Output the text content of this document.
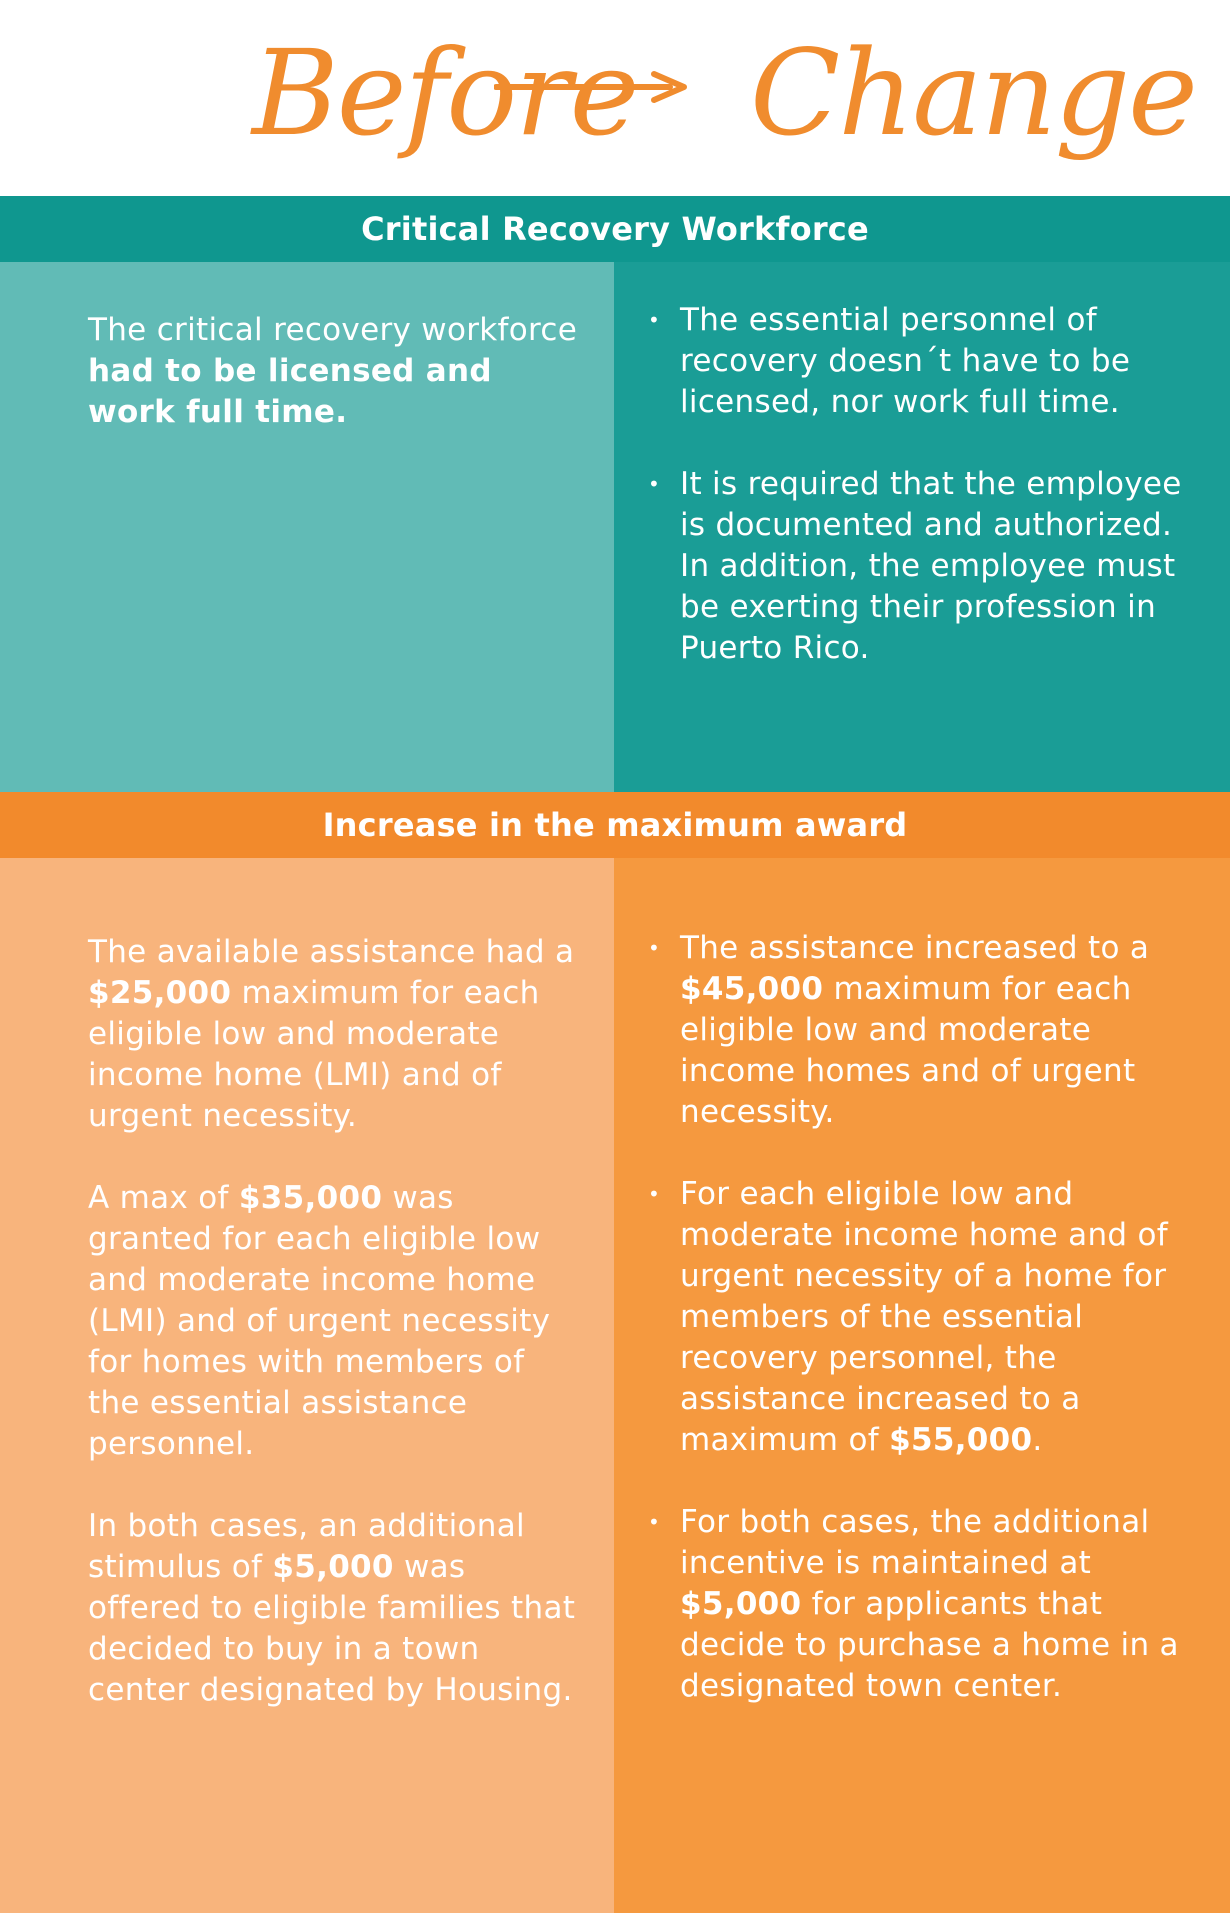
Before Change
Critical Recovery Workforce
The critical recovery workforce had to be licensed and work full time.
• The essential personnel of recovery doesn´t have to be licensed, nor work full time.
• It is required that the employee is documented and authorized. In addition, the employee must be exerting their profession in Puerto Rico.
Increase in the maximum award

The available assistance had a $25,000 maximum for each eligible low and moderate income home (LMI) and of urgent necessity.

A max of $35,000 was granted for each eligible low and moderate income home (LMI) and of urgent necessity for homes with members of the essential assistance personnel.

In both cases, an additional stimulus of $5,000 was offered to eligible families that decided to buy in a town center designated by Housing.

• The assistance increased to a $45,000 maximum for each eligible low and moderate income homes and of urgent necessity.
• For each eligible low and moderate income home and of urgent necessity of a home for members of the essential recovery personnel, the assistance increased to a maximum of $55,000.
• For both cases, the additional incentive is maintained at $5,000 for applicants that decide to purchase a home in a designated town center.
